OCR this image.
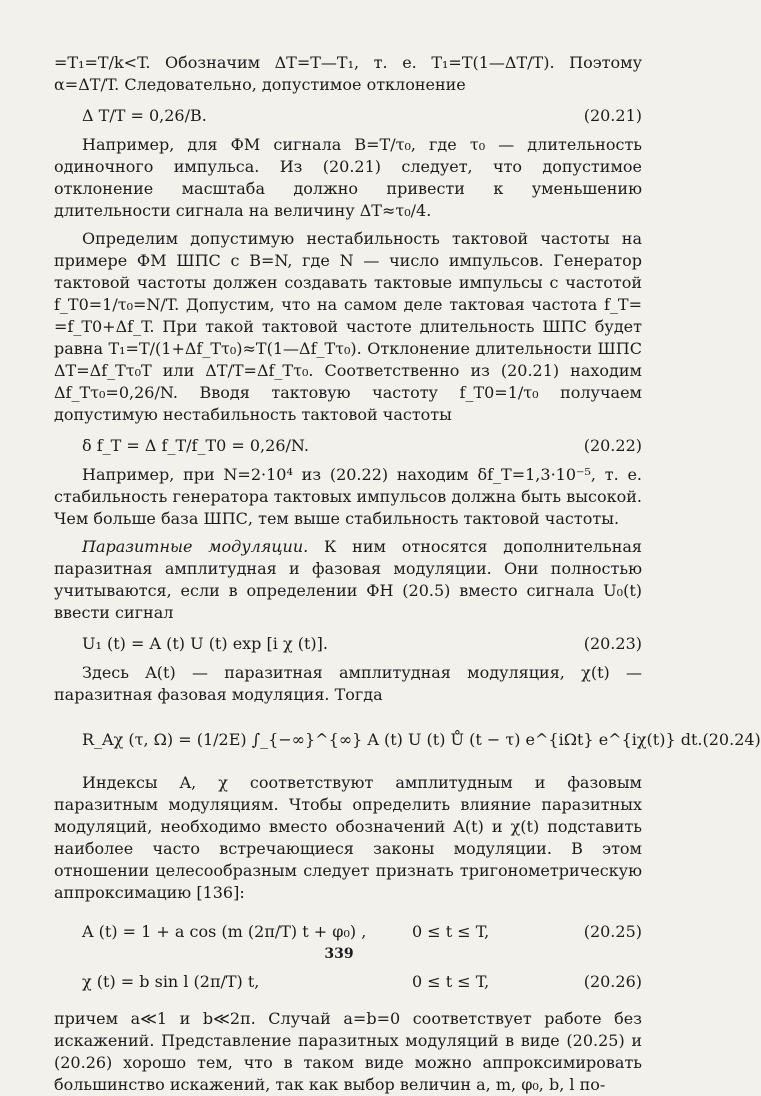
=T₁=T/k<T. Обозначим ΔT=T—T₁, т. е. T₁=T(1—ΔT/T). Поэтому α=ΔT/T. Следовательно, допустимое отклонение

Δ T/T = 0,26/B.	(20.21)

Например, для ФМ сигнала B=T/τ₀, где τ₀ — длительность одиночного импульса. Из (20.21) следует, что допустимое отклонение масштаба должно привести к уменьшению длительности сигнала на величину ΔT≈τ₀/4.

Определим допустимую нестабильность тактовой частоты на примере ФМ ШПС с B=N, где N — число импульсов. Генератор тактовой частоты должен создавать тактовые импульсы с частотой f_T0=1/τ₀=N/T. Допустим, что на самом деле тактовая частота f_T= =f_T0+Δf_T. При такой тактовой частоте длительность ШПС будет равна T₁=T/(1+Δf_Tτ₀)≈T(1—Δf_Tτ₀). Отклонение длительности ШПС ΔT=Δf_Tτ₀T или ΔT/T=Δf_Tτ₀. Соответственно из (20.21) находим Δf_Tτ₀=0,26/N. Вводя тактовую частоту f_T0=1/τ₀ получаем допустимую нестабильность тактовой частоты

δ f_T = Δ f_T/f_T0 = 0,26/N.	(20.22)

Например, при N=2·10⁴ из (20.22) находим δf_T=1,3·10⁻⁵, т. е. стабильность генератора тактовых импульсов должна быть высокой. Чем больше база ШПС, тем выше стабильность тактовой частоты.

Паразитные модуляции. К ним относятся дополнительная паразитная амплитудная и фазовая модуляции. Они полностью учитываются, если в определении ФН (20.5) вместо сигнала U₀(t) ввести сигнал

U₁ (t) = A (t) U (t) exp [i χ (t)].	(20.23)

Здесь A(t) — паразитная амплитудная модуляция, χ(t) — паразитная фазовая модуляция. Тогда

R_Aχ (τ, Ω) = (1/2E) ∫_{−∞}^{∞} A (t) U (t) Ů (t − τ) e^{iΩt} e^{iχ(t)} dt. (20.24)

Индексы A, χ соответствуют амплитудным и фазовым паразитным модуляциям. Чтобы определить влияние паразитных модуляций, необходимо вместо обозначений A(t) и χ(t) подставить наиболее часто встречающиеся законы модуляции. В этом отношении целесообразным следует признать тригонометрическую аппроксимацию [136]:

A (t) = 1 + a cos (m (2π/T) t + φ₀) ,	0 ≤ t ≤ T,	(20.25)
χ (t) = b sin l (2π/T) t,	0 ≤ t ≤ T,	(20.26)

причем a≪1 и b≪2π. Случай a=b=0 соответствует работе без искажений. Представление паразитных модуляций в виде (20.25) и (20.26) хорошо тем, что в таком виде можно аппроксимировать большинство искажений, так как выбор величин a, m, φ₀, b, l по-

339
